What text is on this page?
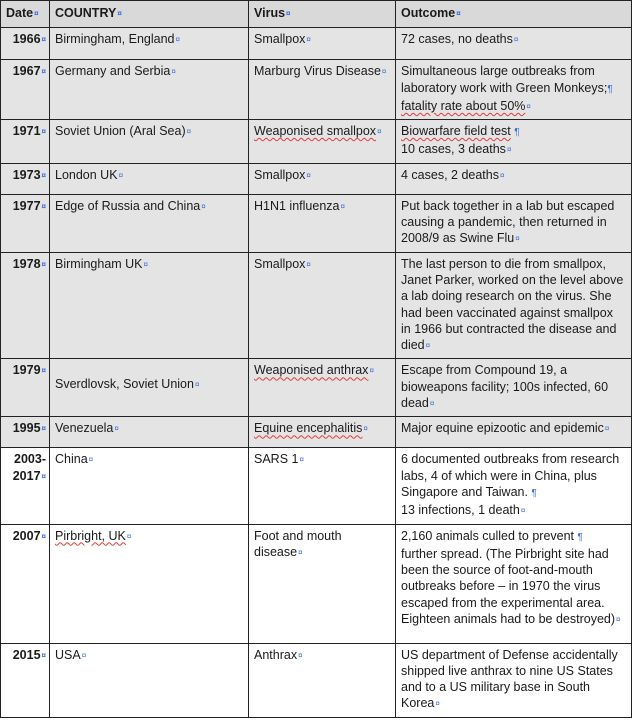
Date¤	COUNTRY¤	Virus¤	Outcome¤
1966¤	Birmingham, England¤	Smallpox¤	72 cases, no deaths¤
1967¤	Germany and Serbia¤	Marburg Virus Disease¤	Simultaneous large outbreaks from laboratory work with Green Monkeys;¶
fatality rate about 50%¤
1971¤	Soviet Union (Aral Sea)¤	Weaponised smallpox¤	Biowarfare field test ¶
10 cases, 3 deaths¤
1973¤	London UK¤	Smallpox¤	4 cases, 2 deaths¤
1977¤	Edge of Russia and China¤	H1N1 influenza¤	Put back together in a lab but escaped causing a pandemic, then returned in 2008/9 as Swine Flu¤
1978¤	Birmingham UK¤	Smallpox¤	The last person to die from smallpox, Janet Parker, worked on the level above a lab doing research on the virus. She had been vaccinated against smallpox in 1966 but contracted the disease and died¤
1979¤	Sverdlovsk, Soviet Union¤	Weaponised anthrax¤	Escape from Compound 19, a bioweapons facility; 100s infected, 60 dead¤
1995¤	Venezuela¤	Equine encephalitis¤	Major equine epizootic and epidemic¤
2003-2017¤	China¤	SARS 1¤	6 documented outbreaks from research labs, 4 of which were in China, plus Singapore and Taiwan. ¶
13 infections, 1 death¤
2007¤	Pirbright, UK¤	Foot and mouth disease¤	2,160 animals culled to prevent ¶
further spread. (The Pirbright site had been the source of foot-and-mouth outbreaks before – in 1970 the virus escaped from the experimental area. Eighteen animals had to be destroyed)¤
2015¤	USA¤	Anthrax¤	US department of Defense accidentally shipped live anthrax to nine US States and to a US military base in South Korea¤
